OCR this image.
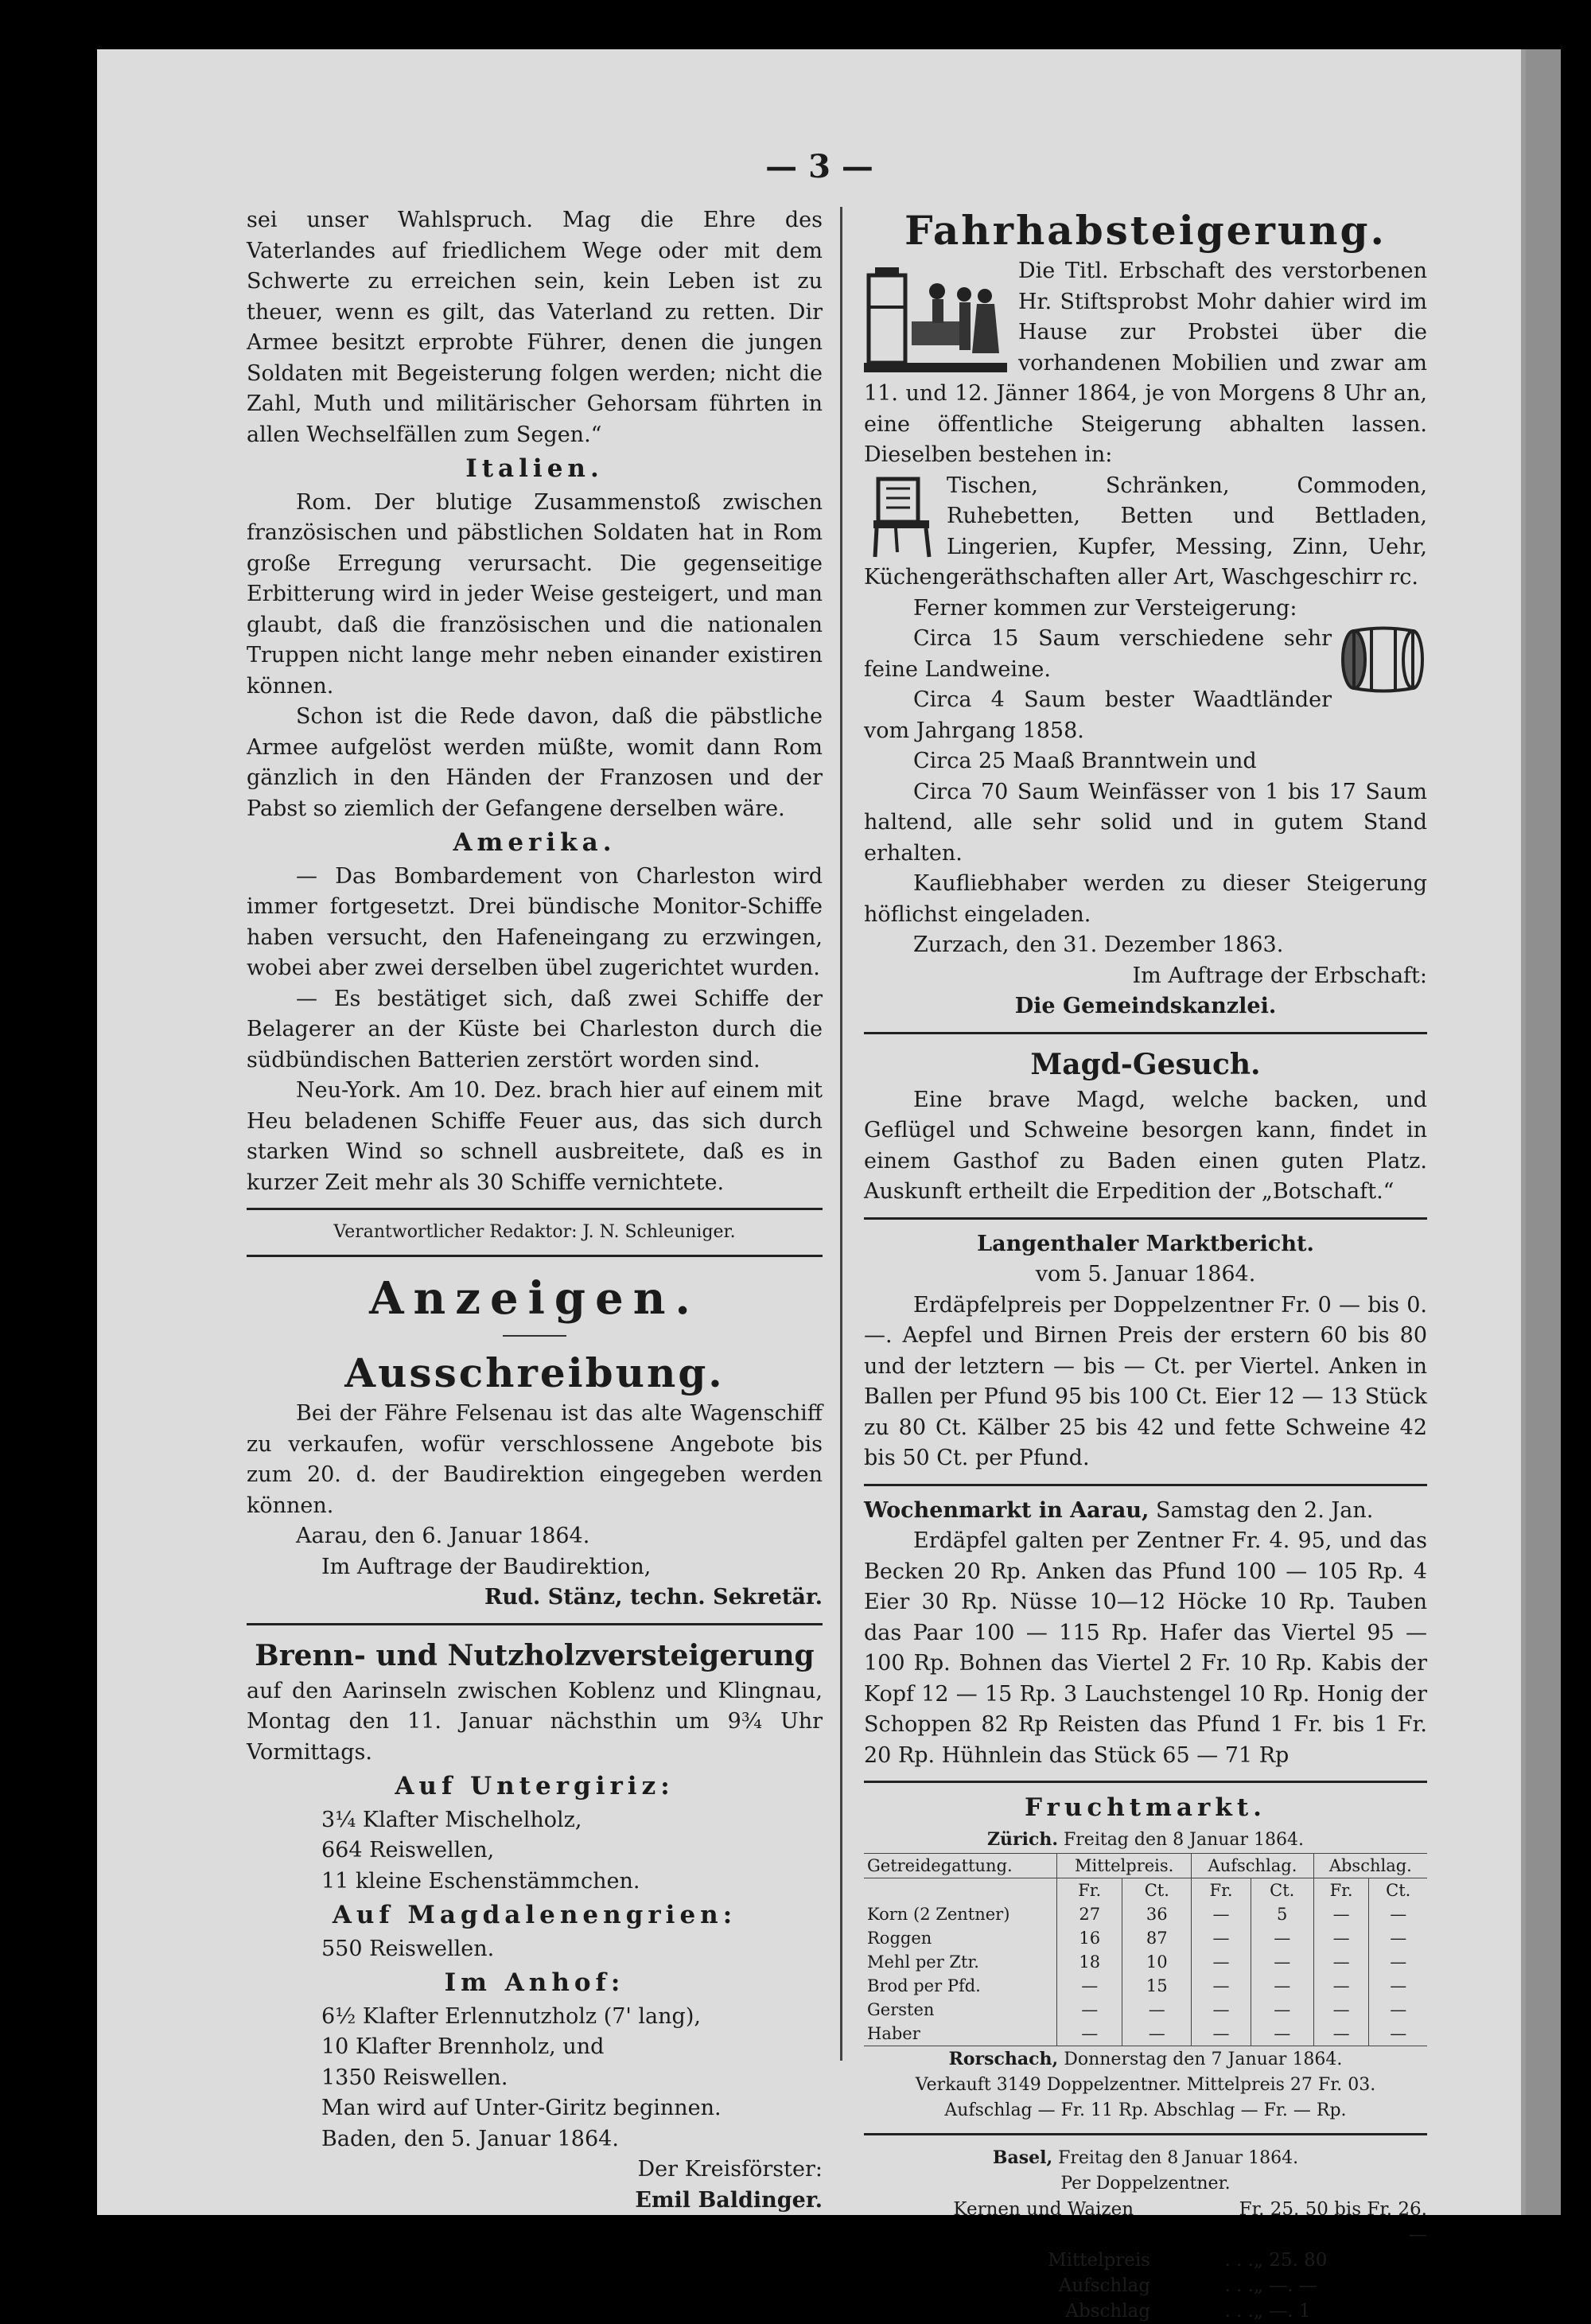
— 3 —

sei unser Wahlspruch. Mag die Ehre des Vaterlandes auf friedlichem Wege oder mit dem Schwerte zu erreichen sein, kein Leben ist zu theuer, wenn es gilt, das Vaterland zu retten. Dir Armee besitzt erprobte Führer, denen die jungen Soldaten mit Begeisterung folgen werden; nicht die Zahl, Muth und militärischer Gehorsam führten in allen Wechselfällen zum Segen.“

Italien.

Rom. Der blutige Zusammenstoß zwischen französischen und päbstlichen Soldaten hat in Rom große Erregung verursacht. Die gegenseitige Erbitterung wird in jeder Weise gesteigert, und man glaubt, daß die französischen und die nationalen Truppen nicht lange mehr neben einander existiren können.

Schon ist die Rede davon, daß die päbstliche Armee aufgelöst werden müßte, womit dann Rom gänzlich in den Händen der Franzosen und der Pabst so ziemlich der Gefangene derselben wäre.

Amerika.

— Das Bombardement von Charleston wird immer fortgesetzt. Drei bündische Monitor-Schiffe haben versucht, den Hafeneingang zu erzwingen, wobei aber zwei derselben übel zugerichtet wurden.

— Es bestätiget sich, daß zwei Schiffe der Belagerer an der Küste bei Charleston durch die südbündischen Batterien zerstört worden sind.

Neu-York. Am 10. Dez. brach hier auf einem mit Heu beladenen Schiffe Feuer aus, das sich durch starken Wind so schnell ausbreitete, daß es in kurzer Zeit mehr als 30 Schiffe vernichtete.

Verantwortlicher Redaktor: J. N. Schleuniger.
Anzeigen.
Ausschreibung.

Bei der Fähre Felsenau ist das alte Wagenschiff zu verkaufen, wofür verschlossene Angebote bis zum 20. d. der Baudirektion eingegeben werden können.

Aarau, den 6. Januar 1864.

Im Auftrage der Baudirektion,

Rud. Stänz, techn. Sekretär.

Brenn- und Nutzholzversteigerung

auf den Aarinseln zwischen Koblenz und Klingnau, Montag den 11. Januar nächsthin um 9¾ Uhr Vormittags.

Auf Untergiriz:
3¼ Klafter Mischelholz,
664 Reiswellen,
11 kleine Eschenstämmchen.
Auf Magdalenengrien:
550 Reiswellen.
Im Anhof:
6½ Klafter Erlennutzholz (7' lang),
10 Klafter Brennholz, und
1350 Reiswellen.

Man wird auf Unter-Giritz beginnen.

Baden, den 5. Januar 1864.

Der Kreisförster:

Emil Baldinger.

Fahrhabsteigerung.

Die Titl. Erbschaft des verstorbenen Hr. Stiftsprobst Mohr dahier wird im Hause zur Probstei über die vorhandenen Mobilien und zwar am 11. und 12. Jänner 1864, je von Morgens 8 Uhr an, eine öffentliche Steigerung abhalten lassen. Dieselben bestehen in:

Tischen, Schränken, Commoden, Ruhebetten, Betten und Bettladen, Lingerien, Kupfer, Messing, Zinn, Uehr, Küchengeräthschaften aller Art, Waschgeschirr rc.

Ferner kommen zur Versteigerung:

Circa 15 Saum verschiedene sehr feine Landweine.

Circa 4 Saum bester Waadtländer vom Jahrgang 1858.

Circa 25 Maaß Branntwein und

Circa 70 Saum Weinfässer von 1 bis 17 Saum haltend, alle sehr solid und in gutem Stand erhalten.

Kaufliebhaber werden zu dieser Steigerung höflichst eingeladen.

Zurzach, den 31. Dezember 1863.

Im Auftrage der Erbschaft:

Die Gemeindskanzlei.

Magd-Gesuch.

Eine brave Magd, welche backen, und Geflügel und Schweine besorgen kann, findet in einem Gasthof zu Baden einen guten Platz. Auskunft ertheilt die Erpedition der „Botschaft.“

Langenthaler Marktbericht.
vom 5. Januar 1864.

Erdäpfelpreis per Doppelzentner Fr. 0 — bis 0. —. Aepfel und Birnen Preis der erstern 60 bis 80 und der letztern — bis — Ct. per Viertel. Anken in Ballen per Pfund 95 bis 100 Ct. Eier 12 — 13 Stück zu 80 Ct. Kälber 25 bis 42 und fette Schweine 42 bis 50 Ct. per Pfund.

Wochenmarkt in Aarau, Samstag den 2. Jan.

Erdäpfel galten per Zentner Fr. 4. 95, und das Becken 20 Rp. Anken das Pfund 100 — 105 Rp. 4 Eier 30 Rp. Nüsse 10—12 Höcke 10 Rp. Tauben das Paar 100 — 115 Rp. Hafer das Viertel 95 — 100 Rp. Bohnen das Viertel 2 Fr. 10 Rp. Kabis der Kopf 12 — 15 Rp. 3 Lauchstengel 10 Rp. Honig der Schoppen 82 Rp Reisten das Pfund 1 Fr. bis 1 Fr. 20 Rp. Hühnlein das Stück 65 — 71 Rp

Fruchtmarkt.
Zürich. Freitag den 8 Januar 1864.
Getreidegattung.	Mittelpreis.		Aufschlag.		Abschlag.	
	Fr.	Ct.	Fr.	Ct.	Fr.	Ct.
Korn (2 Zentner)	27	36	—	5	—	—
Roggen	16	87	—	—	—	—
Mehl per Ztr.	18	10	—	—	—	—
Brod per Pfd.	—	15	—	—	—	—
Gersten	—	—	—	—	—	—
Haber	—	—	—	—	—	—
Rorschach, Donnerstag den 7 Januar 1864.
Verkauft 3149 Doppelzentner. Mittelpreis 27 Fr. 03.
Aufschlag — Fr. 11 Rp. Abschlag — Fr. — Rp.
Basel, Freitag den 8 Januar 1864.
Per Doppelzentner.
Kernen und Waizen	Fr. 25. 50 bis Fr. 26. —
Mittelpreis	. . . „ 25. 80
Aufschlag	. . . „ —. —
Abschlag	. . . „ —. 1
